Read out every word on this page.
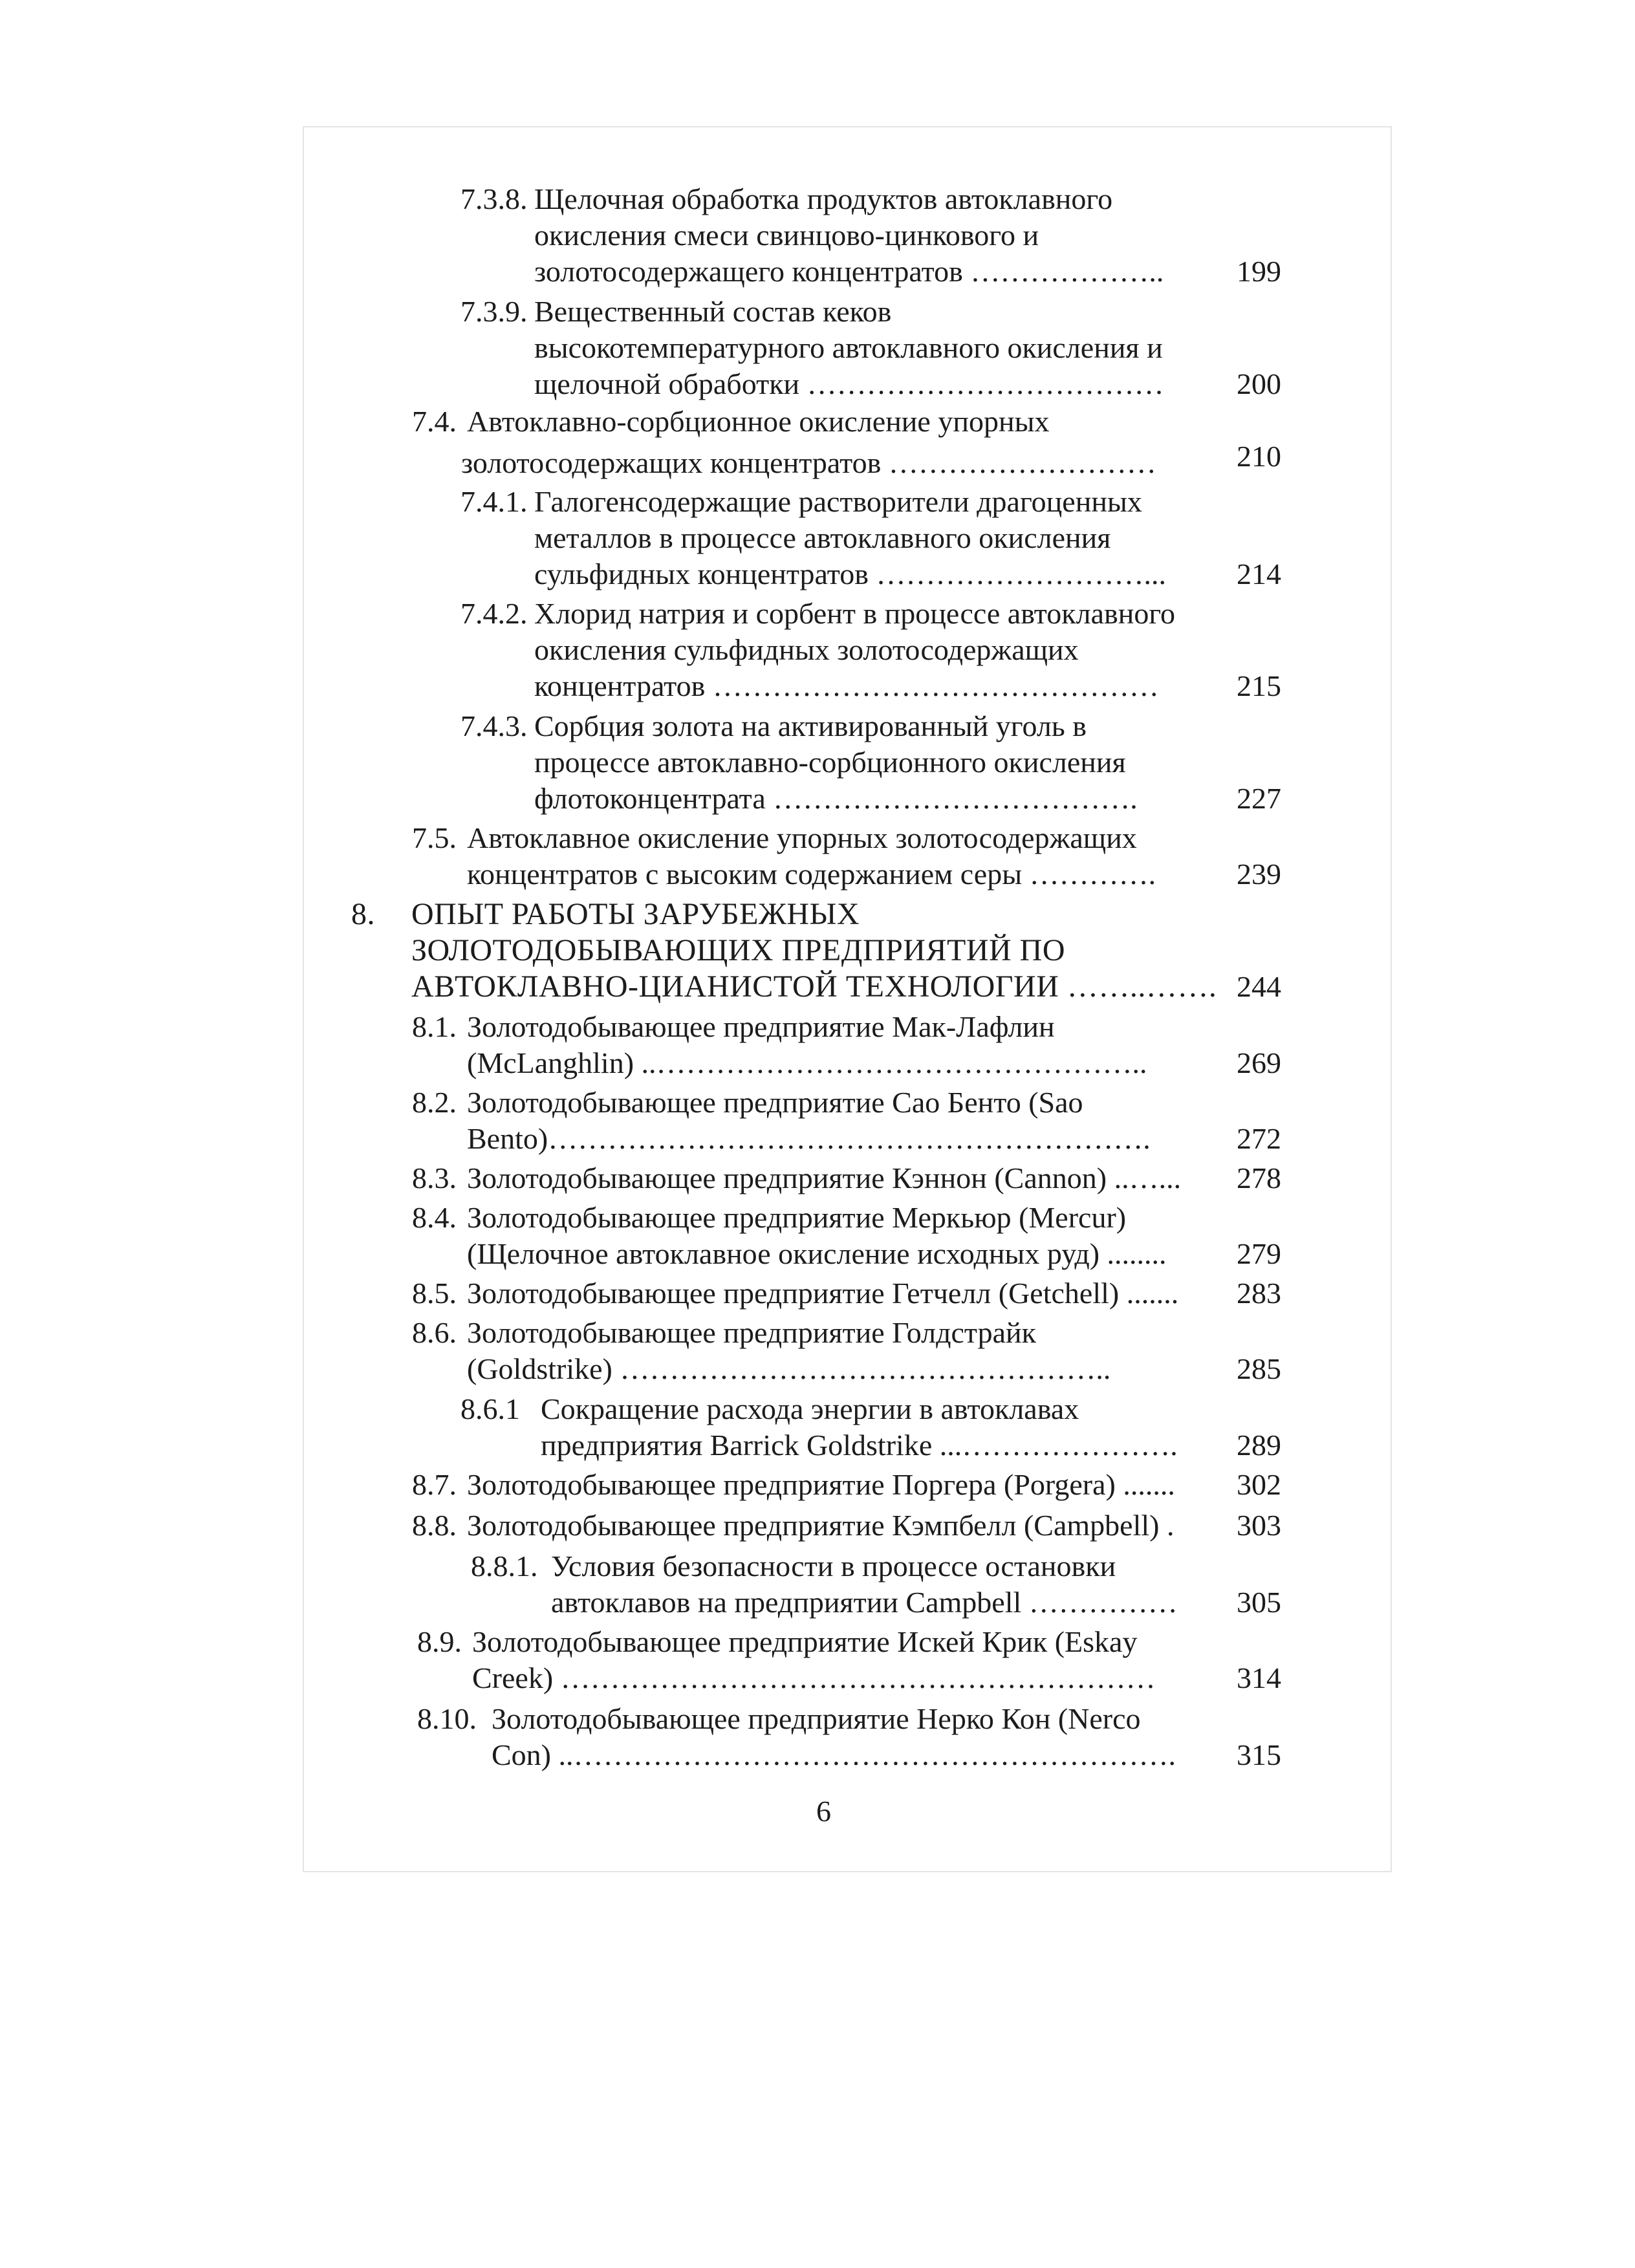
7.3.8. Щелочная обработка продуктов автоклавного
окисления смеси свинцово-цинкового и
золотосодержащего концентратов ……………….. 199
7.3.9. Вещественный состав кеков
высокотемпературного автоклавного окисления и
щелочной обработки ……………………………… 200
7.4. Автоклавно-сорбционное окисление упорных
золотосодержащих концентратов ………………………	210
7.4.1. Галогенсодержащие растворители драгоценных
металлов в процессе автоклавного окисления
сульфидных концентратов ………………………... 214
7.4.2. Хлорид натрия и сорбент в процессе автоклавного
окисления сульфидных золотосодержащих
концентратов ………………………………………	215
7.4.3. Сорбция золота на активированный уголь в
процессе автоклавно-сорбционного окисления
флотоконцентрата ……………………………….	227
7.5. Автоклавное окисление упорных золотосодержащих
концентратов с высоким содержанием серы ………….	239
8. ОПЫТ РАБОТЫ ЗАРУБЕЖНЫХ
ЗОЛОТОДОБЫВАЮЩИХ ПРЕДПРИЯТИЙ ПО
АВТОКЛАВНО-ЦИАНИСТОЙ ТЕХНОЛОГИИ ……..……. 244
8.1. Золотодобывающее предприятие Мак-Лафлин
(McLanghlin) ..…………………………………………..	269
8.2. Золотодобывающее предприятие Сао Бенто (Sao
Bento)…………………………………………………….	272
8.3. Золотодобывающее предприятие Кэннон (Cannon) ..…... 278
8.4. Золотодобывающее предприятие Меркьюр (Mercur)
(Щелочное автоклавное окисление исходных руд) ........ 279
8.5. Золотодобывающее предприятие Гетчелл (Getchell) ....... 283
8.6. Золотодобывающее предприятие Голдстрайк
(Goldstrike) …………………………………………..	285
8.6.1 Сокращение расхода энергии в автоклавах
предприятия Barrick Goldstrike ...…………………. 289
8.7. Золотодобывающее предприятие Поргера (Porgera) ....... 302
8.8. Золотодобывающее предприятие Кэмпбелл (Campbell) . 303
8.8.1. Условия безопасности в процессе остановки
автоклавов на предприятии Campbell …………… 305
8.9. Золотодобывающее предприятие Искей Крик (Eskay
Creek) ……………………………………………………	314
8.10. Золотодобывающее предприятие Нерко Кон (Nerco
Con) ..……………………………………………………. 315
6
